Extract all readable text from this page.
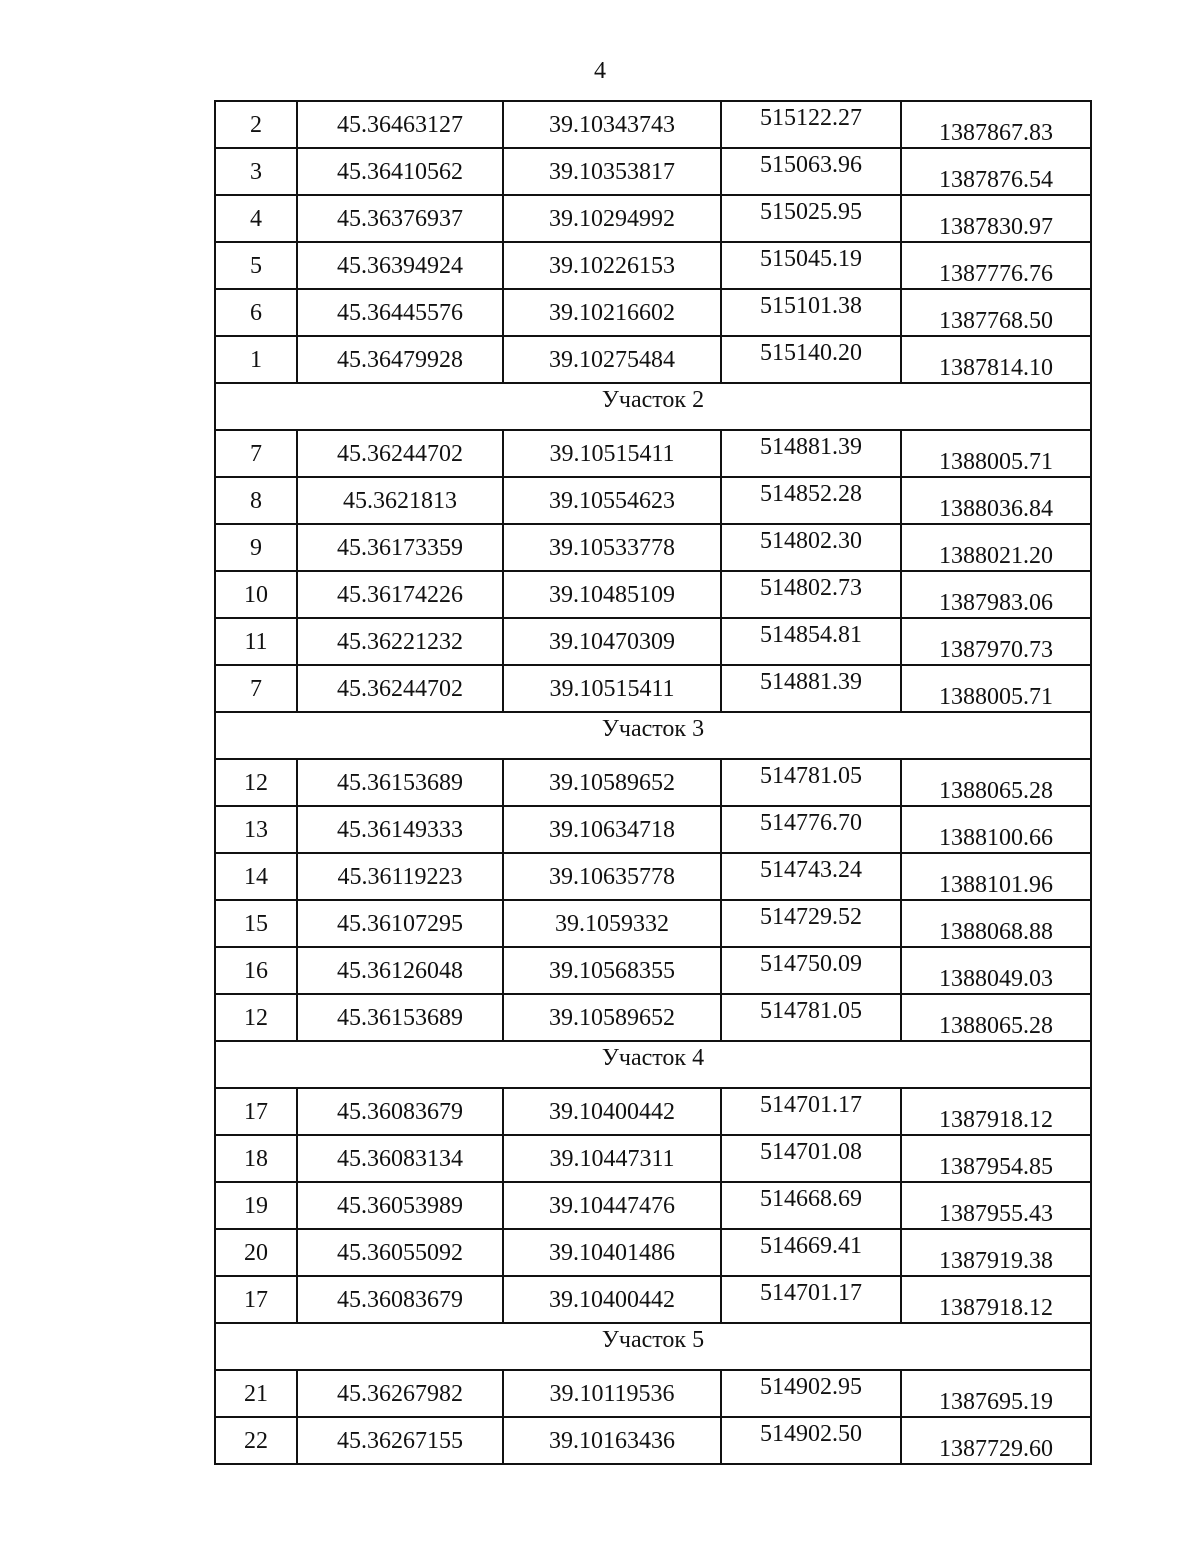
4
2	45.36463127	39.10343743	515122.27	1387867.83
3	45.36410562	39.10353817	515063.96	1387876.54
4	45.36376937	39.10294992	515025.95	1387830.97
5	45.36394924	39.10226153	515045.19	1387776.76
6	45.36445576	39.10216602	515101.38	1387768.50
1	45.36479928	39.10275484	515140.20	1387814.10
Участок 2				
7	45.36244702	39.10515411	514881.39	1388005.71
8	45.3621813	39.10554623	514852.28	1388036.84
9	45.36173359	39.10533778	514802.30	1388021.20
10	45.36174226	39.10485109	514802.73	1387983.06
11	45.36221232	39.10470309	514854.81	1387970.73
7	45.36244702	39.10515411	514881.39	1388005.71
Участок 3				
12	45.36153689	39.10589652	514781.05	1388065.28
13	45.36149333	39.10634718	514776.70	1388100.66
14	45.36119223	39.10635778	514743.24	1388101.96
15	45.36107295	39.1059332	514729.52	1388068.88
16	45.36126048	39.10568355	514750.09	1388049.03
12	45.36153689	39.10589652	514781.05	1388065.28
Участок 4				
17	45.36083679	39.10400442	514701.17	1387918.12
18	45.36083134	39.10447311	514701.08	1387954.85
19	45.36053989	39.10447476	514668.69	1387955.43
20	45.36055092	39.10401486	514669.41	1387919.38
17	45.36083679	39.10400442	514701.17	1387918.12
Участок 5				
21	45.36267982	39.10119536	514902.95	1387695.19
22	45.36267155	39.10163436	514902.50	1387729.60
